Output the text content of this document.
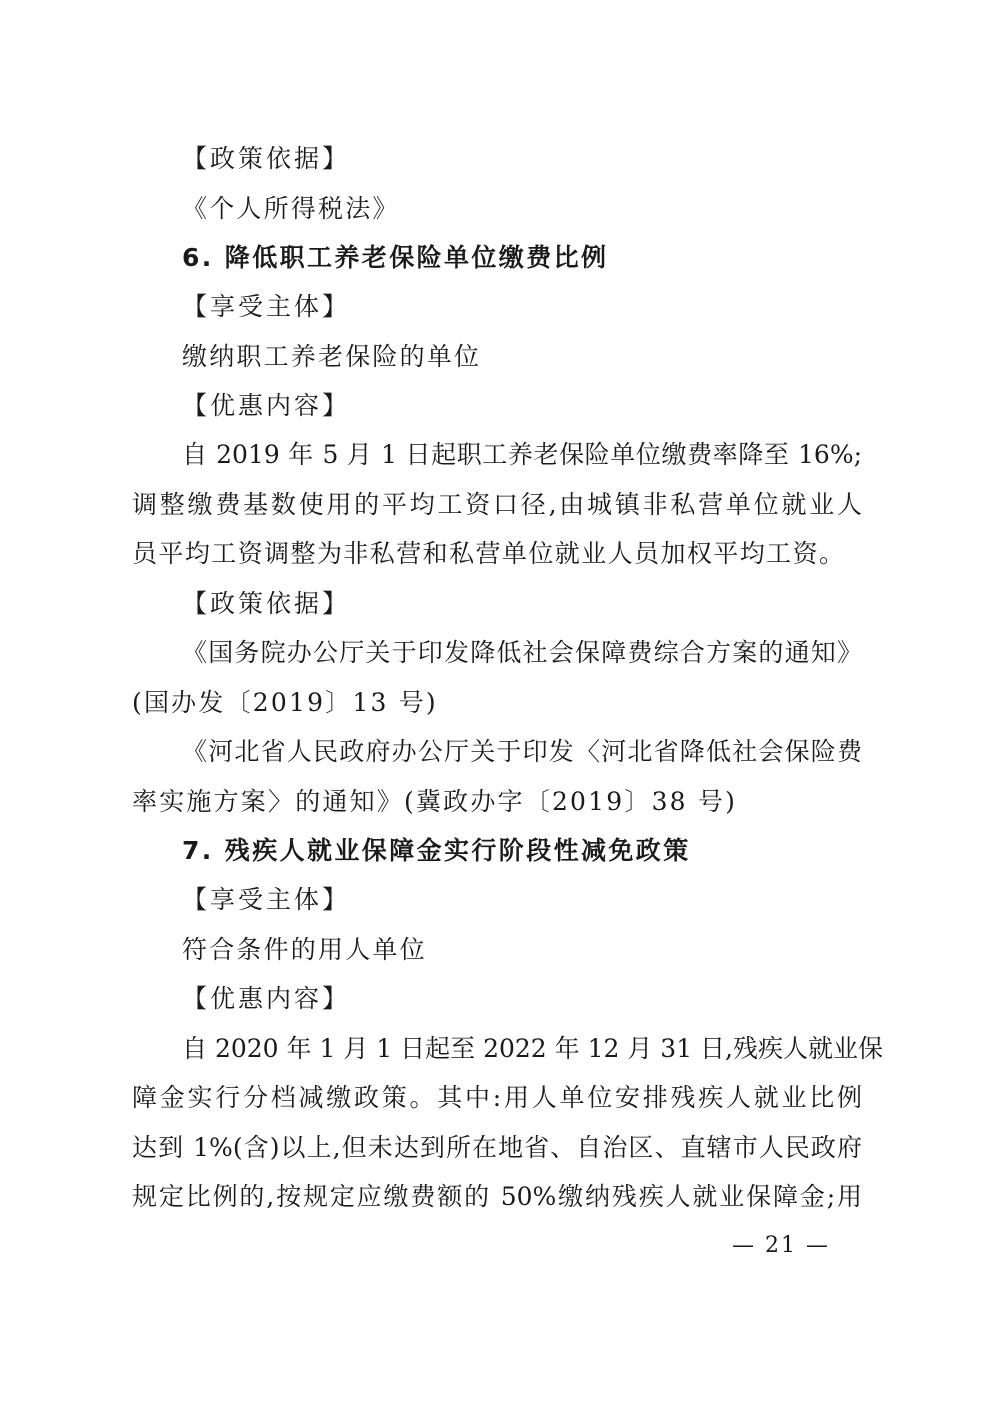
【政策依据】
《个人所得税法》
6. 降低职工养老保险单位缴费比例
【享受主体】
缴纳职工养老保险的单位
【优惠内容】
自 2019 年 5 月 1 日起职工养老保险单位缴费率降至 16%;
调整缴费基数使用的平均工资口径,由城镇非私营单位就业人
员平均工资调整为非私营和私营单位就业人员加权平均工资。
【政策依据】
《国务院办公厅关于印发降低社会保障费综合方案的通知》
(国办发〔2019〕13 号)
《河北省人民政府办公厅关于印发〈河北省降低社会保险费
率实施方案〉的通知》(冀政办字〔2019〕38 号)
7. 残疾人就业保障金实行阶段性减免政策
【享受主体】
符合条件的用人单位
【优惠内容】
自 2020 年 1 月 1 日起至 2022 年 12 月 31 日,残疾人就业保
障金实行分档减缴政策。其中:用人单位安排残疾人就业比例
达到 1%(含)以上,但未达到所在地省、自治区、直辖市人民政府
规定比例的,按规定应缴费额的 50%缴纳残疾人就业保障金;用
— 21 —
